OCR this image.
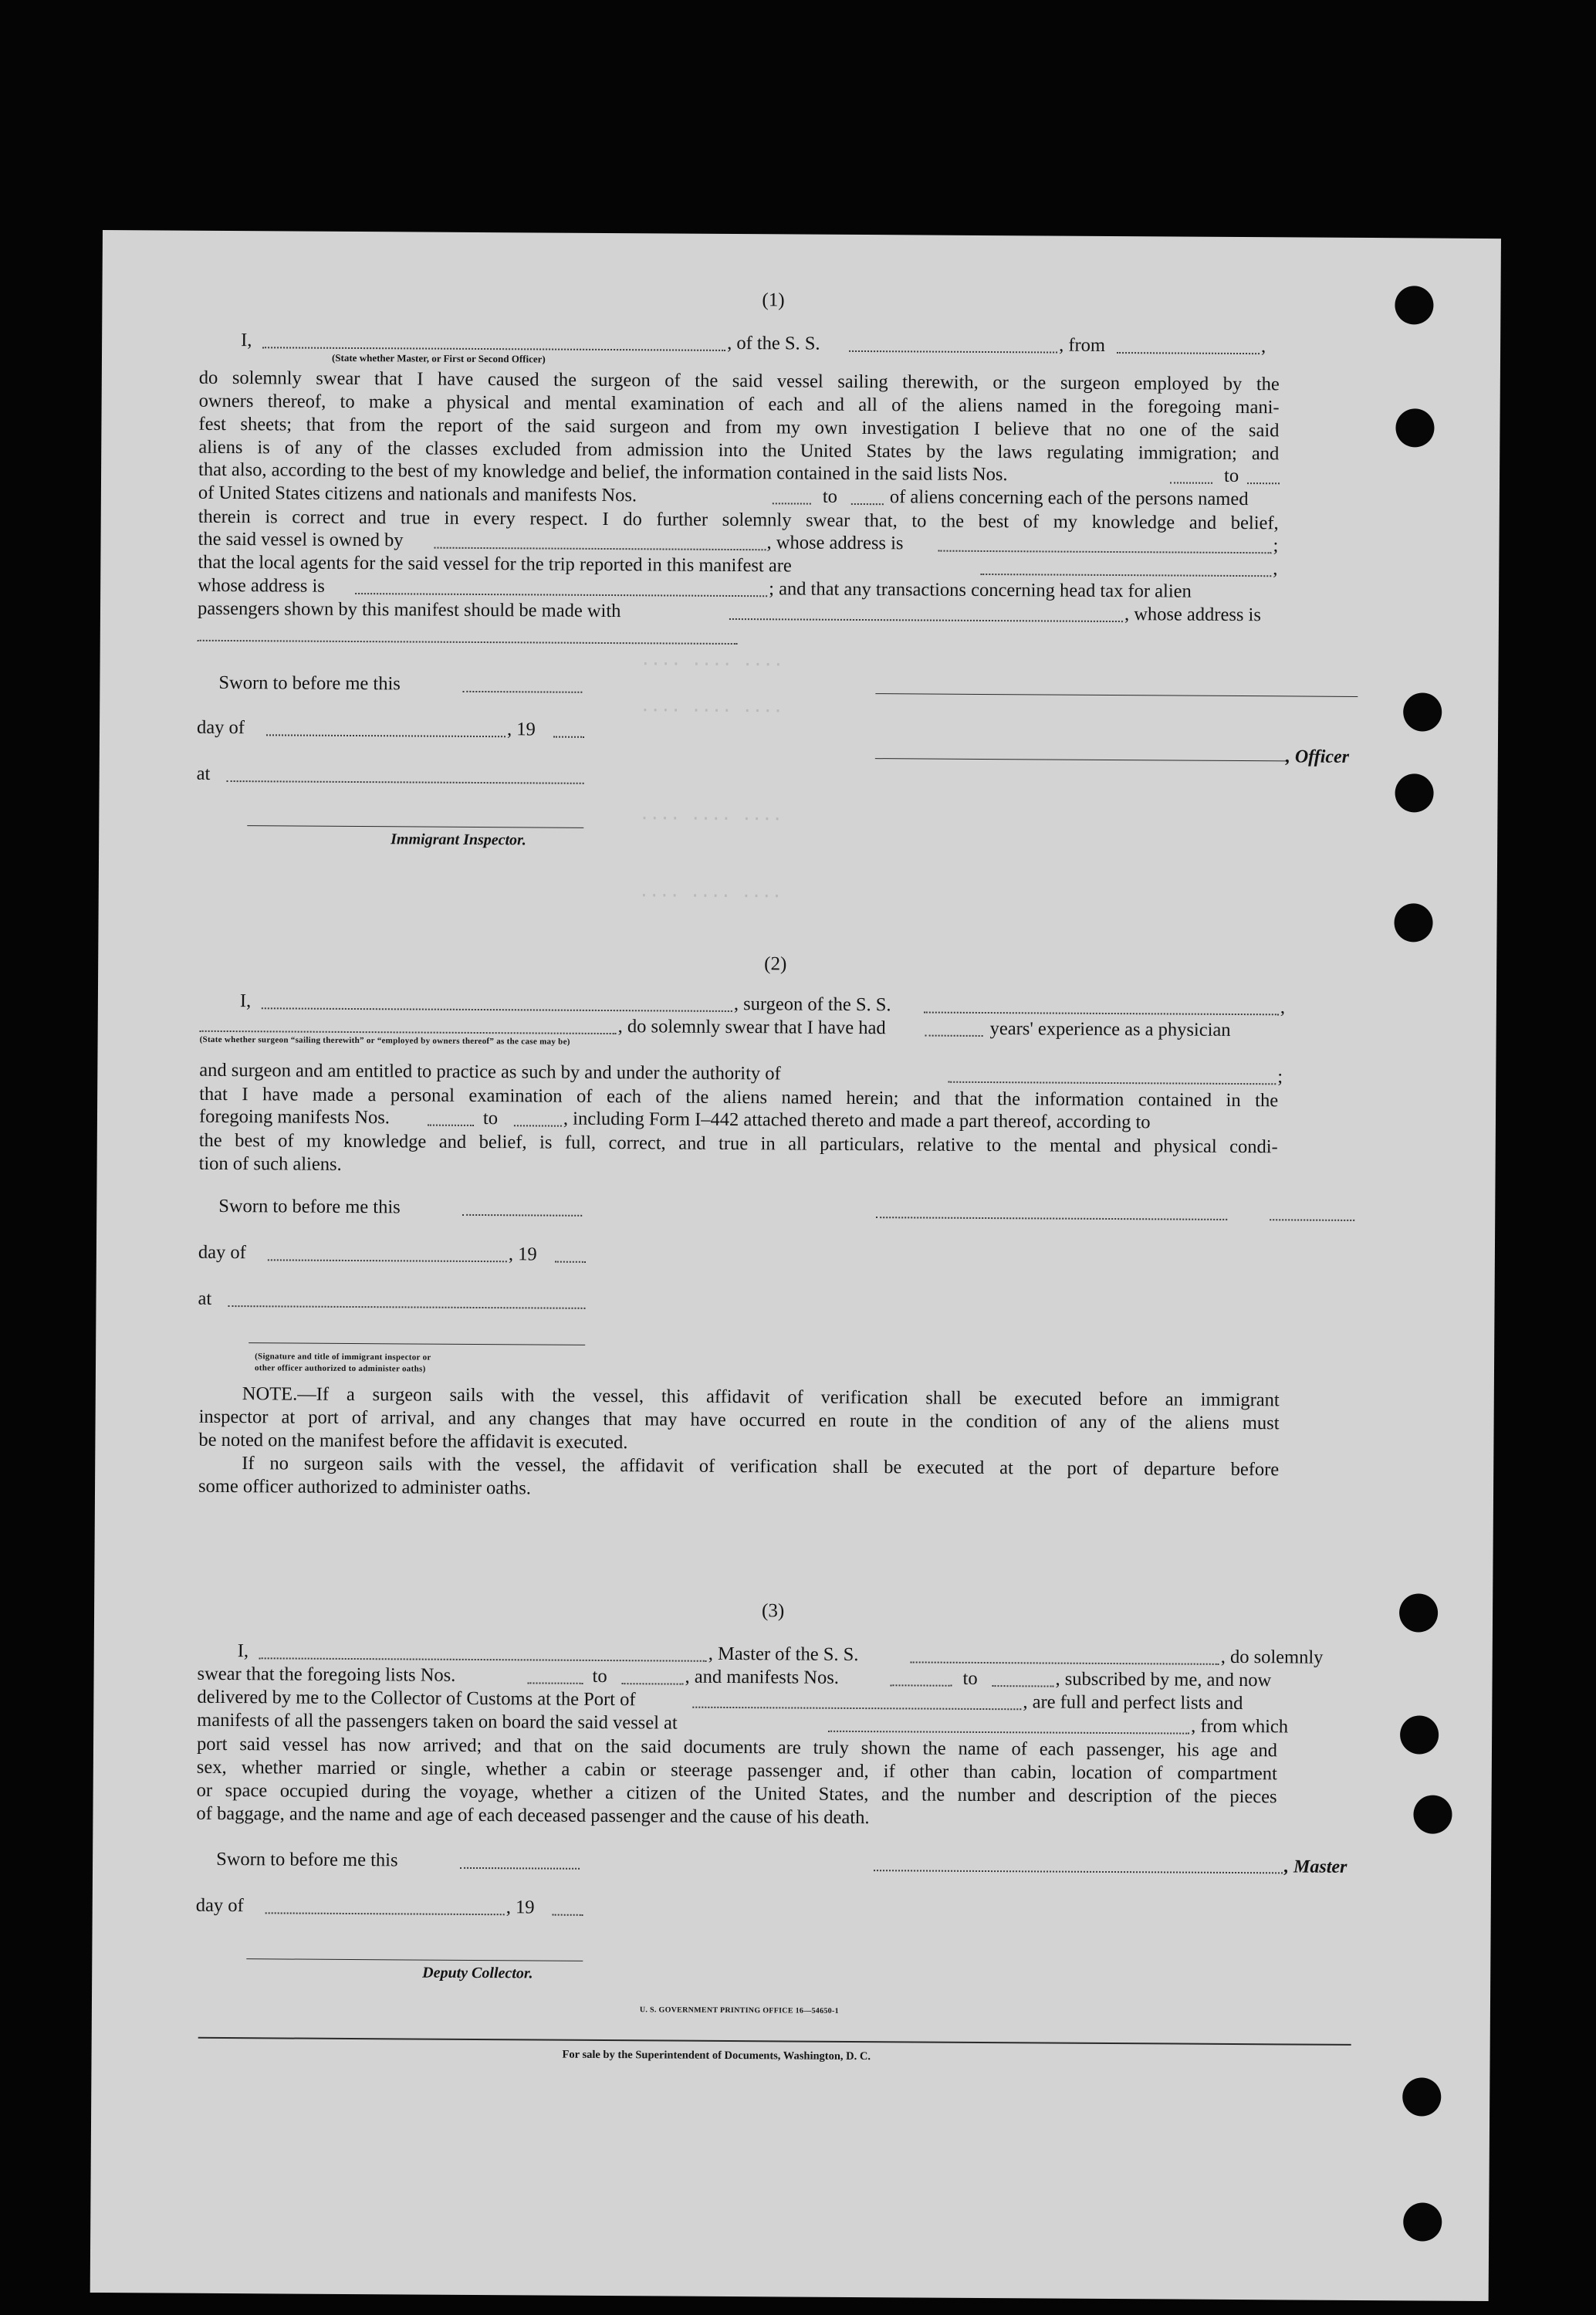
.... .... ....
.... .... ....
.... .... ....
.... .... ....
(1)
I,	, of the S. S.	, from	,
(State whether Master, or First or Second Officer)
do solemnly swear that I have caused the surgeon of the said vessel sailing therewith, or the surgeon employed by the
owners thereof, to make a physical and mental examination of each and all of the aliens named in the foregoing mani-
fest sheets; that from the report of the said surgeon and from my own investigation I believe that no one of the said
aliens is of any of the classes excluded from admission into the United States by the laws regulating immigration; and
that also, according to the best of my knowledge and belief, the information contained in the said lists Nos.	to
of United States citizens and nationals and manifests Nos.	to	of aliens concerning each of the persons named
therein is correct and true in every respect. I do further solemnly swear that, to the best of my knowledge and belief,
the said vessel is owned by	, whose address is	;
that the local agents for the said vessel for the trip reported in this manifest are	,
whose address is	; and that any transactions concerning head tax for alien
passengers shown by this manifest should be made with	, whose address is
Sworn to before me this
day of	, 19
, Officer
at
Immigrant Inspector.
(2)
I,	, surgeon of the S. S.	,
, do solemnly swear that I have had	years' experience as a physician
(State whether surgeon “sailing therewith” or “employed by owners thereof” as the case may be)
and surgeon and am entitled to practice as such by and under the authority of	;
that I have made a personal examination of each of the aliens named herein; and that the information contained in the
foregoing manifests Nos.	to	, including Form I–442 attached thereto and made a part thereof, according to
the best of my knowledge and belief, is full, correct, and true in all particulars, relative to the mental and physical condi-
tion of such aliens.
Sworn to before me this
day of	, 19
at
(Signature and title of immigrant inspector or
other officer authorized to administer oaths)
NOTE.—If a surgeon sails with the vessel, this affidavit of verification shall be executed before an immigrant
inspector at port of arrival, and any changes that may have occurred en route in the condition of any of the aliens must
be noted on the manifest before the affidavit is executed.
If no surgeon sails with the vessel, the affidavit of verification shall be executed at the port of departure before
some officer authorized to administer oaths.
(3)
I,	, Master of the S. S.	, do solemnly
swear that the foregoing lists Nos.	to	, and manifests Nos.	to	, subscribed by me, and now
delivered by me to the Collector of Customs at the Port of	, are full and perfect lists and
manifests of all the passengers taken on board the said vessel at	, from which
port said vessel has now arrived; and that on the said documents are truly shown the name of each passenger, his age and
sex, whether married or single, whether a cabin or steerage passenger and, if other than cabin, location of compartment
or space occupied during the voyage, whether a citizen of the United States, and the number and description of the pieces
of baggage, and the name and age of each deceased passenger and the cause of his death.
Sworn to before me this	, Master
day of	, 19
Deputy Collector.
U. S. GOVERNMENT PRINTING OFFICE 16—54650-1
For sale by the Superintendent of Documents, Washington, D. C.
